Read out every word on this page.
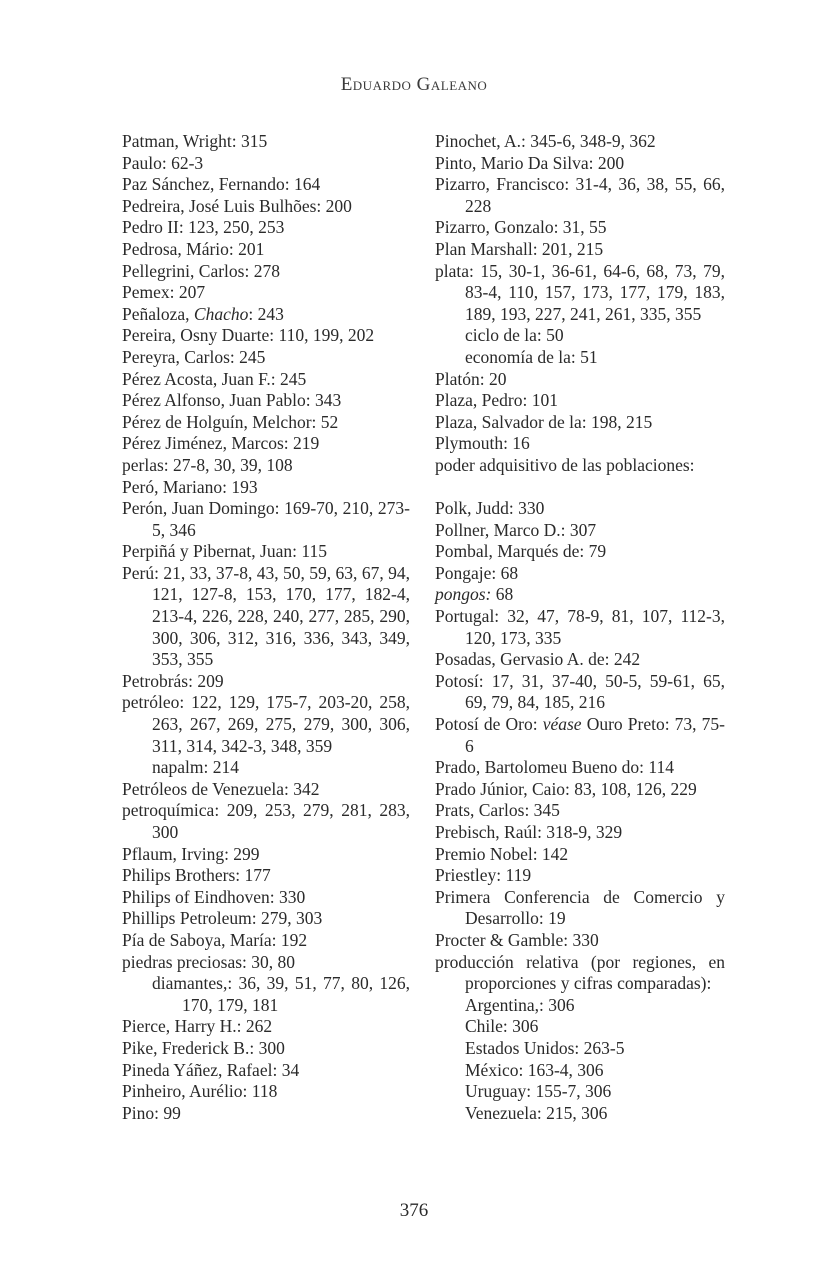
Eduardo Galeano

Patman, Wright: 315

Paulo: 62-3

Paz Sánchez, Fernando: 164

Pedreira, José Luis Bulhões: 200

Pedro II: 123, 250, 253

Pedrosa, Mário: 201

Pellegrini, Carlos: 278

Pemex: 207

Peñaloza, Chacho: 243

Pereira, Osny Duarte: 110, 199, 202

Pereyra, Carlos: 245

Pérez Acosta, Juan F.: 245

Pérez Alfonso, Juan Pablo: 343

Pérez de Holguín, Melchor: 52

Pérez Jiménez, Marcos: 219

perlas: 27-8, 30, 39, 108

Peró, Mariano: 193

Perón, Juan Domingo: 169-70, 210, 273-5, 346

Perpiñá y Pibernat, Juan: 115

Perú: 21, 33, 37-8, 43, 50, 59, 63, 67, 94, 121, 127-8, 153, 170, 177, 182-4, 213-4, 226, 228, 240, 277, 285, 290, 300, 306, 312, 316, 336, 343, 349, 353, 355

Petrobrás: 209

petróleo: 122, 129, 175-7, 203-20, 258, 263, 267, 269, 275, 279, 300, 306, 311, 314, 342-3, 348, 359

napalm: 214

Petróleos de Venezuela: 342

petroquímica: 209, 253, 279, 281, 283, 300

Pflaum, Irving: 299

Philips Brothers: 177

Philips of Eindhoven: 330

Phillips Petroleum: 279, 303

Pía de Saboya, María: 192

piedras preciosas: 30, 80

diamantes,: 36, 39, 51, 77, 80, 126, 170, 179, 181

Pierce, Harry H.: 262

Pike, Frederick B.: 300

Pineda Yáñez, Rafael: 34

Pinheiro, Aurélio: 118

Pino: 99

Pinochet, A.: 345-6, 348-9, 362

Pinto, Mario Da Silva: 200

Pizarro, Francisco: 31-4, 36, 38, 55, 66, 228

Pizarro, Gonzalo: 31, 55

Plan Marshall: 201, 215

plata: 15, 30-1, 36-61, 64-6, 68, 73, 79, 83-4, 110, 157, 173, 177, 179, 183, 189, 193, 227, 241, 261, 335, 355

ciclo de la: 50

economía de la: 51

Platón: 20

Plaza, Pedro: 101

Plaza, Salvador de la: 198, 215

Plymouth: 16

poder adquisitivo de las poblaciones:

Polk, Judd: 330

Pollner, Marco D.: 307

Pombal, Marqués de: 79

Pongaje: 68

pongos: 68

Portugal: 32, 47, 78-9, 81, 107, 112-3, 120, 173, 335

Posadas, Gervasio A. de: 242

Potosí: 17, 31, 37-40, 50-5, 59-61, 65, 69, 79, 84, 185, 216

Potosí de Oro: véase Ouro Preto: 73, 75-6

Prado, Bartolomeu Bueno do: 114

Prado Júnior, Caio: 83, 108, 126, 229

Prats, Carlos: 345

Prebisch, Raúl: 318-9, 329

Premio Nobel: 142

Priestley: 119

Primera Conferencia de Comercio y Desarrollo: 19

Procter & Gamble: 330

producción relativa (por regiones, en proporciones y cifras comparadas):

Argentina,: 306

Chile: 306

Estados Unidos: 263-5

México: 163-4, 306

Uruguay: 155-7, 306

Venezuela: 215, 306

376
